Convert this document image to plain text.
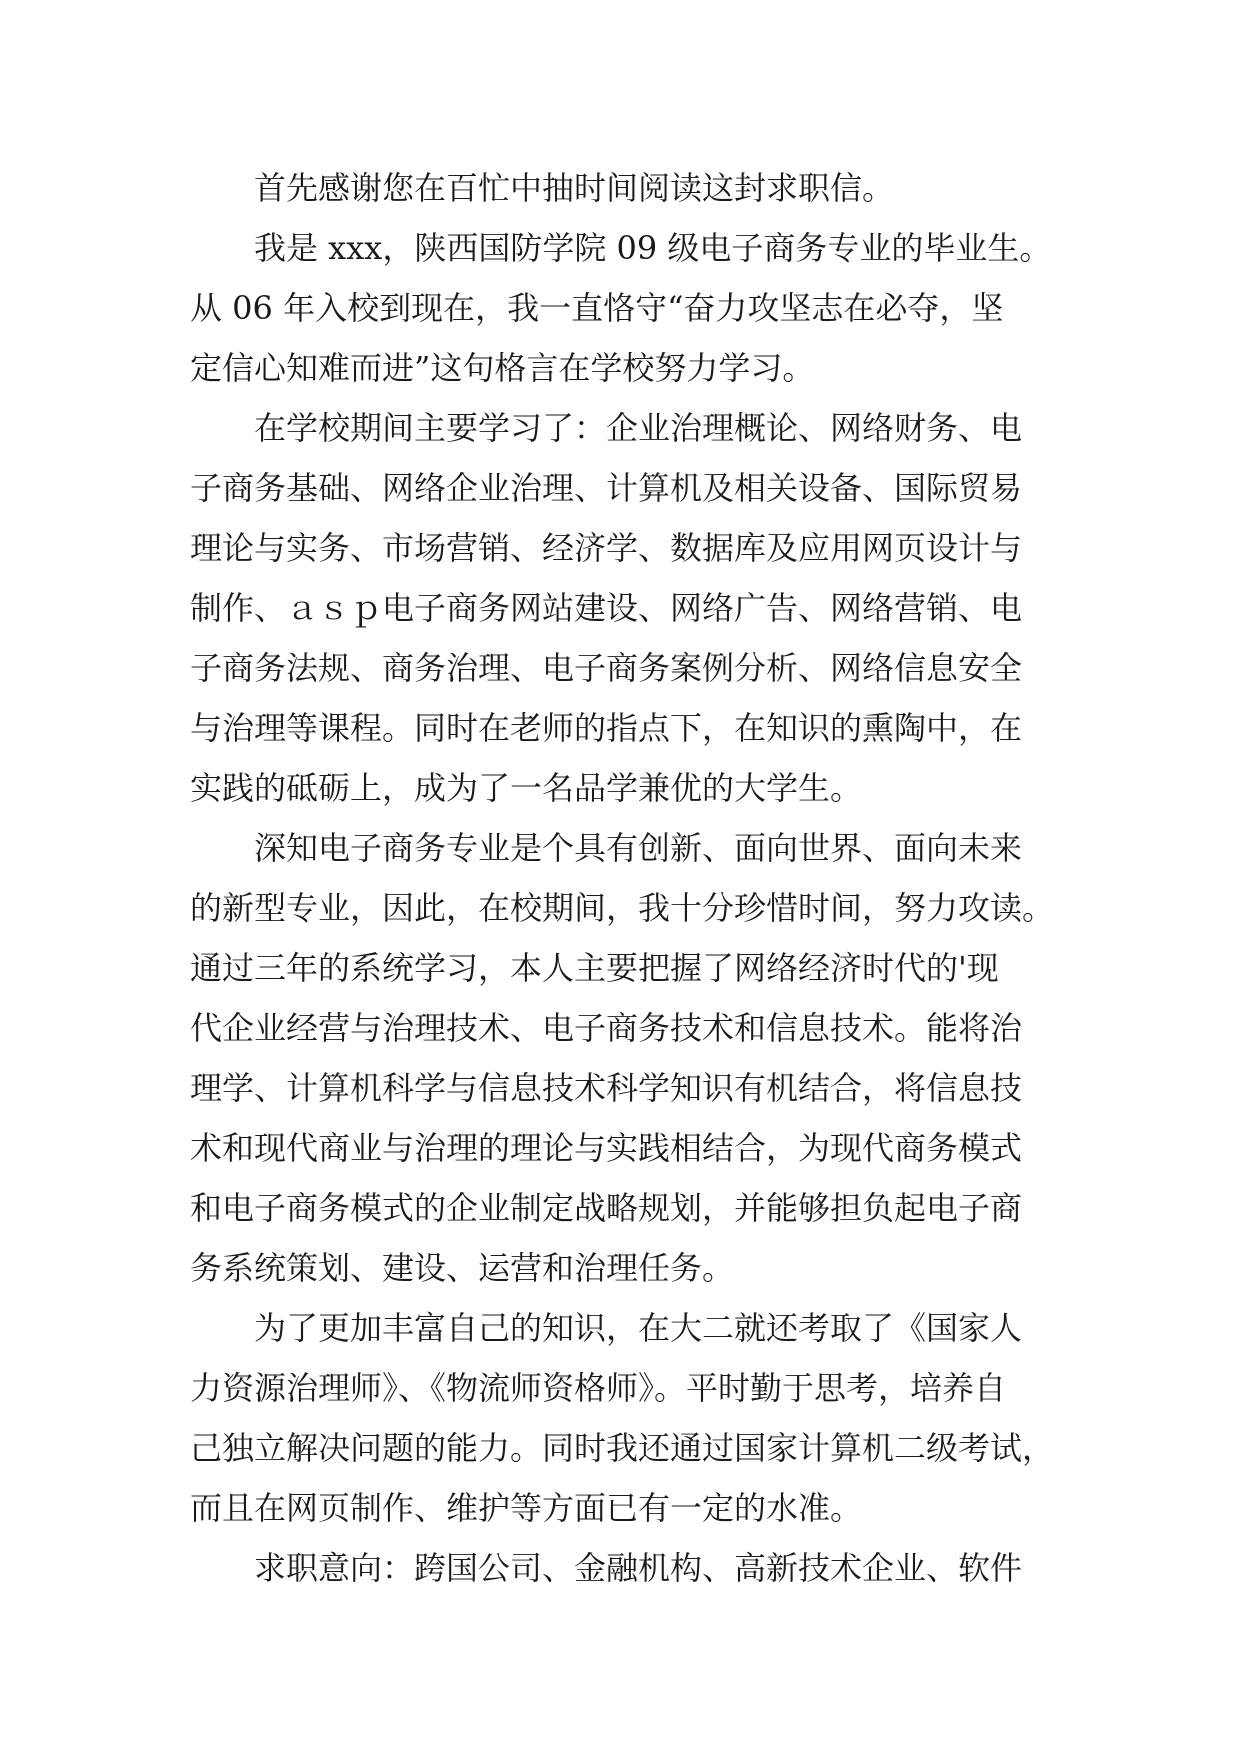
首先感谢您在百忙中抽时间阅读这封求职信。
我是 xxx，陕西国防学院 09 级电子商务专业的毕业生。
从 06 年入校到现在，我一直恪守“奋力攻坚志在必夺，坚
定信心知难而进”这句格言在学校努力学习。
在学校期间主要学习了：企业治理概论、网络财务、电
子商务基础、网络企业治理、计算机及相关设备、国际贸易
理论与实务、市场营销、经济学、数据库及应用网页设计与
制作、ａｓｐ电子商务网站建设、网络广告、网络营销、电
子商务法规、商务治理、电子商务案例分析、网络信息安全
与治理等课程。同时在老师的指点下，在知识的熏陶中，在
实践的砥砺上，成为了一名品学兼优的大学生。
深知电子商务专业是个具有创新、面向世界、面向未来
的新型专业，因此，在校期间，我十分珍惜时间，努力攻读。
通过三年的系统学习，本人主要把握了网络经济时代的'现
代企业经营与治理技术、电子商务技术和信息技术。能将治
理学、计算机科学与信息技术科学知识有机结合，将信息技
术和现代商业与治理的理论与实践相结合，为现代商务模式
和电子商务模式的企业制定战略规划，并能够担负起电子商
务系统策划、建设、运营和治理任务。
为了更加丰富自己的知识，在大二就还考取了《国家人
力资源治理师》、《物流师资格师》。平时勤于思考，培养自
己独立解决问题的能力。同时我还通过国家计算机二级考试，
而且在网页制作、维护等方面已有一定的水准。
求职意向：跨国公司、金融机构、高新技术企业、软件
